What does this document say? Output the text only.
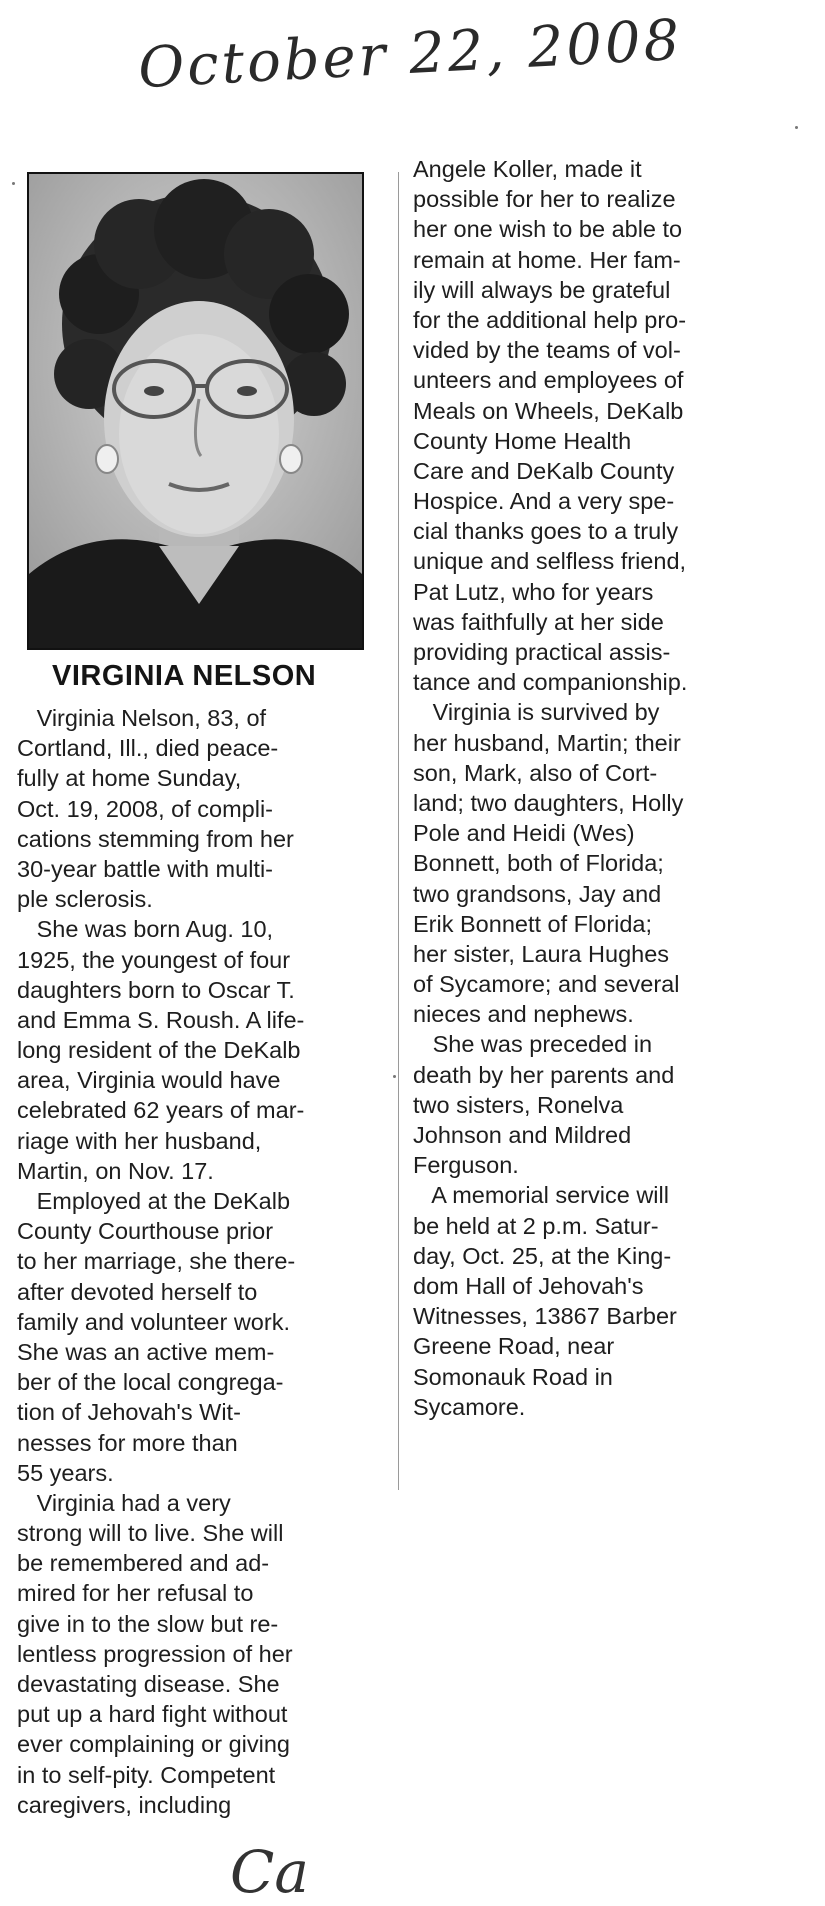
October 22, 2008
VIRGINIA NELSON
Virginia Nelson, 83, of
Cortland, Ill., died peace-
fully at home Sunday,
Oct. 19, 2008, of compli-
cations stemming from her
30-year battle with multi-
ple sclerosis.
She was born Aug. 10,
1925, the youngest of four
daughters born to Oscar T.
and Emma S. Roush. A life-
long resident of the DeKalb
area, Virginia would have
celebrated 62 years of mar-
riage with her husband,
Martin, on Nov. 17.
Employed at the DeKalb
County Courthouse prior
to her marriage, she there-
after devoted herself to
family and volunteer work.
She was an active mem-
ber of the local congrega-
tion of Jehovah's Wit-
nesses for more than
55 years.
Virginia had a very
strong will to live. She will
be remembered and ad-
mired for her refusal to
give in to the slow but re-
lentless progression of her
devastating disease. She
put up a hard fight without
ever complaining or giving
in to self-pity. Competent
caregivers, including
Angele Koller, made it
possible for her to realize
her one wish to be able to
remain at home. Her fam-
ily will always be grateful
for the additional help pro-
vided by the teams of vol-
unteers and employees of
Meals on Wheels, DeKalb
County Home Health
Care and DeKalb County
Hospice. And a very spe-
cial thanks goes to a truly
unique and selfless friend,
Pat Lutz, who for years
was faithfully at her side
providing practical assis-
tance and companionship.
Virginia is survived by
her husband, Martin; their
son, Mark, also of Cort-
land; two daughters, Holly
Pole and Heidi (Wes)
Bonnett, both of Florida;
two grandsons, Jay and
Erik Bonnett of Florida;
her sister, Laura Hughes
of Sycamore; and several
nieces and nephews.
She was preceded in
death by her parents and
two sisters, Ronelva
Johnson and Mildred
Ferguson.
A memorial service will
be held at 2 p.m. Satur-
day, Oct. 25, at the King-
dom Hall of Jehovah's
Witnesses, 13867 Barber
Greene Road, near
Somonauk Road in
Sycamore.
Ca
